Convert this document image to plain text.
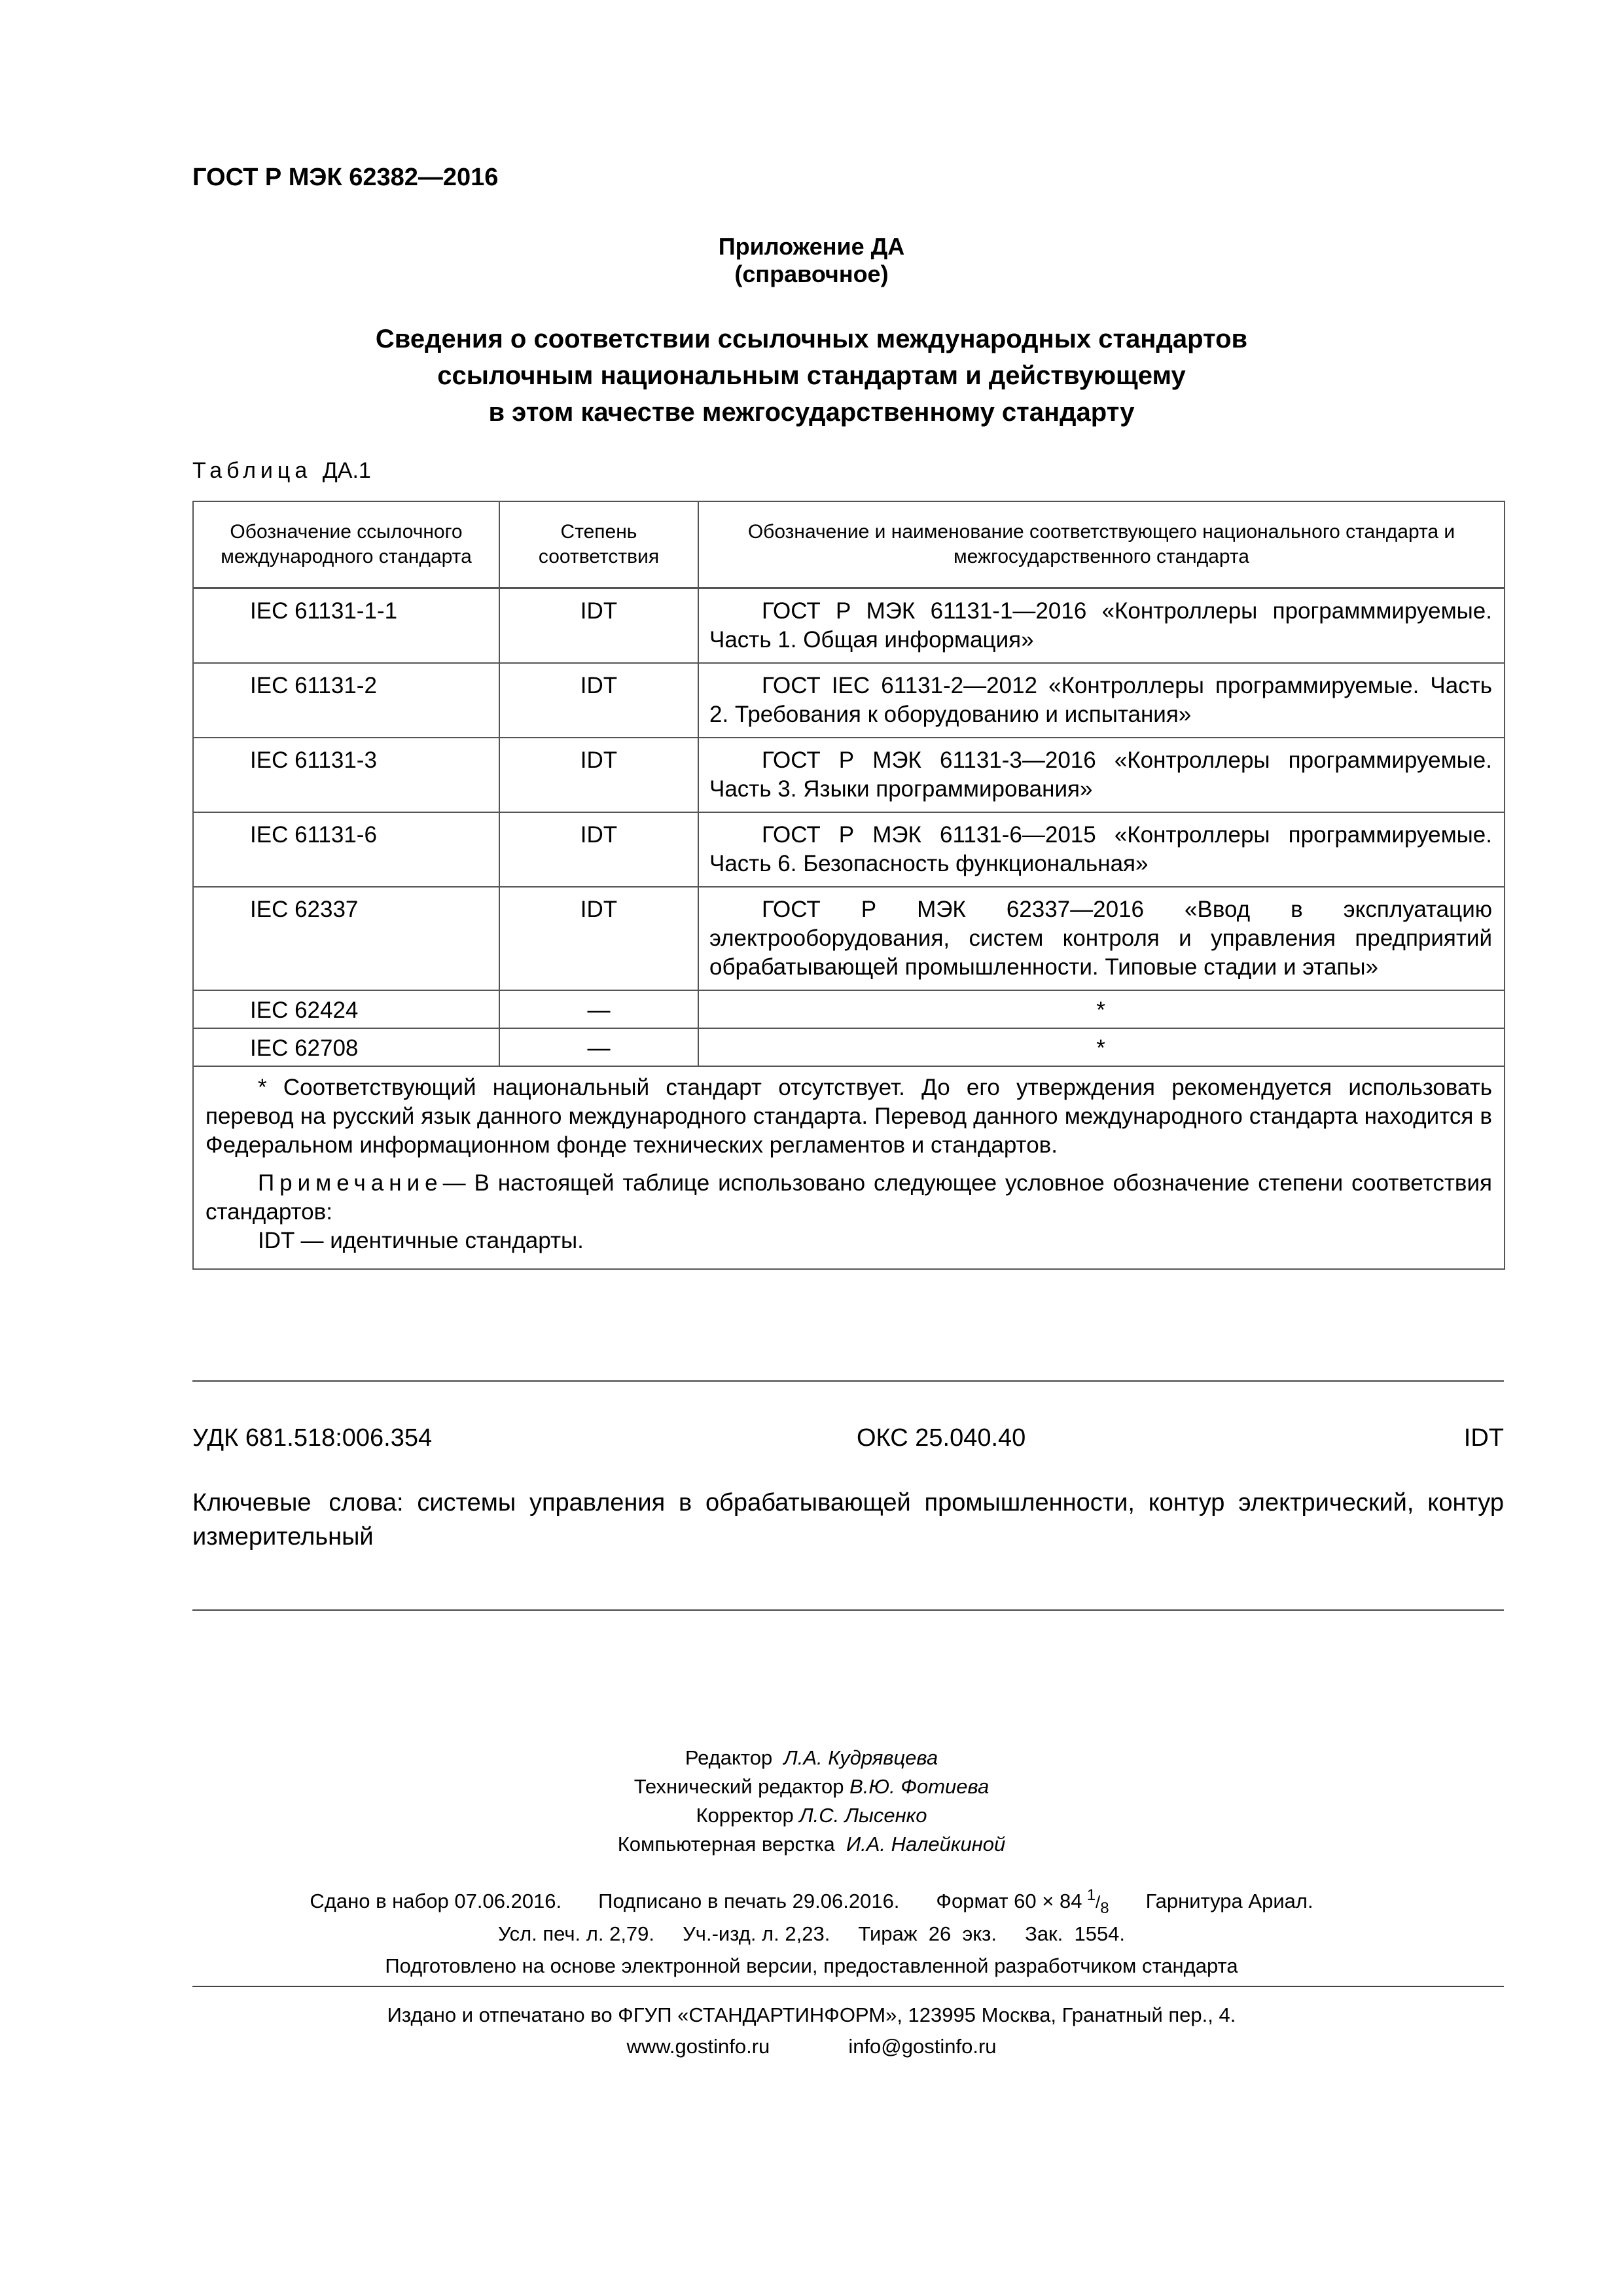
ГОСТ Р МЭК 62382—2016
Приложение ДА
(справочное)
Сведения о соответствии ссылочных международных стандартов
ссылочным национальным стандартам и действующему
в этом качестве межгосударственному стандарту
Таблица ДА.1
Обозначение ссылочного международного стандарта	Степень соответствия	Обозначение и наименование соответствующего национального стандарта и межгосударственного стандарта
IEC 61131-1-1	IDT	ГОСТ Р МЭК 61131-1—2016 «Контроллеры программмируемые. Часть 1. Общая информация»
IEC 61131-2	IDT	ГОСТ IEC 61131-2—2012 «Контроллеры программируемые. Часть 2. Требования к оборудованию и испытания»
IEC 61131-3	IDT	ГОСТ Р МЭК 61131-3—2016 «Контроллеры программируемые. Часть 3. Языки программирования»
IEC 61131-6	IDT	ГОСТ Р МЭК 61131-6—2015 «Контроллеры программируемые. Часть 6. Безопасность функциональная»
IEC 62337	IDT	ГОСТ Р МЭК 62337—2016 «Ввод в эксплуатацию электрооборудования, систем контроля и управления предприятий обрабатывающей промышленности. Типовые стадии и этапы»
IEC 62424	—	*
IEC 62708	—	*

* Соответствующий национальный стандарт отсутствует. До его утверждения рекомендуется использовать перевод на русский язык данного международного стандарта. Перевод данного международного стандарта находится в Федеральном информационном фонде технических регламентов и стандартов.

Примечание— В настоящей таблице использовано следующее условное обозначение степени соответствия стандартов:

IDT — идентичные стандарты.		

УДК 681.518:006.354	ОКС 25.040.40	IDT
Ключевые слова: системы управления в обрабатывающей промышленности, контур электрический, контур измерительный
Редактор Л.А. Кудрявцева
Технический редактор В.Ю. Фотиева
Корректор Л.С. Лысенко
Компьютерная верстка И.А. Налейкиной
Сдано в набор 07.06.2016. Подписано в печать 29.06.2016. Формат 60 × 84 1/8 Гарнитура Ариал.
Усл. печ. л. 2,79. Уч.-изд. л. 2,23. Тираж  26  экз. Зак.  1554.
Подготовлено на основе электронной версии, предоставленной разработчиком стандарта
Издано и отпечатано во ФГУП «СТАНДАРТИНФОРМ», 123995 Москва, Гранатный пер., 4.
www.gostinfo.ru	info@gostinfo.ru
